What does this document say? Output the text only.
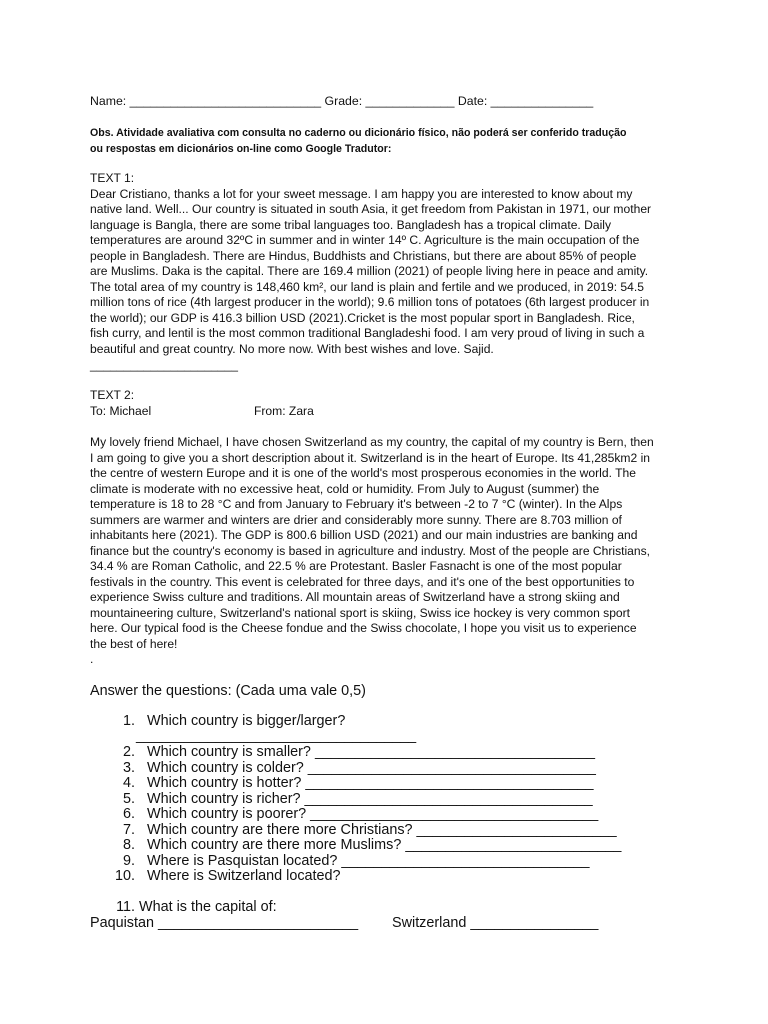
Name: ____________________________ Grade: _____________ Date: _______________
Obs. Atividade avaliativa com consulta no caderno ou dicionário físico, não poderá ser conferido tradução
ou respostas em dicionários on-line como Google Tradutor:
TEXT 1:
Dear Cristiano, thanks a lot for your sweet message. I am happy you are interested to know about my
native land. Well... Our country is situated in south Asia, it get freedom from Pakistan in 1971, our mother
language is Bangla, there are some tribal languages too. Bangladesh has a tropical climate. Daily
temperatures are around 32ºC in summer and in winter 14º C. Agriculture is the main occupation of the
people in Bangladesh. There are Hindus, Buddhists and Christians, but there are about 85% of people
are Muslims. Daka is the capital. There are 169.4 million (2021) of people living here in peace and amity.
The total area of my country is 148,460 km², our land is plain and fertile and we produced, in 2019: 54.5
million tons of rice (4th largest producer in the world); 9.6 million tons of potatoes (6th largest producer in
the world); our GDP is 416.3 billion USD (2021).Cricket is the most popular sport in Bangladesh. Rice,
fish curry, and lentil is the most common traditional Bangladeshi food. I am very proud of living in such a
beautiful and great country. No more now. With best wishes and love. Sajid.
______________________
TEXT 2:
To: Michael	From: Zara
My lovely friend Michael, I have chosen Switzerland as my country, the capital of my country is Bern, then
I am going to give you a short description about it. Switzerland is in the heart of Europe. Its 41,285km2 in
the centre of western Europe and it is one of the world's most prosperous economies in the world. The
climate is moderate with no excessive heat, cold or humidity. From July to August (summer) the
temperature is 18 to 28 °C and from January to February it's between -2 to 7 °C (winter). In the Alps
summers are warmer and winters are drier and considerably more sunny. There are 8.703 million of
inhabitants here (2021). The GDP is 800.6 billion USD (2021) and our main industries are banking and
finance but the country's economy is based in agriculture and industry. Most of the people are Christians,
34.4 % are Roman Catholic, and 22.5 % are Protestant. Basler Fasnacht is one of the most popular
festivals in the country. This event is celebrated for three days, and it's one of the best opportunities to
experience Swiss culture and traditions. All mountain areas of Switzerland have a strong skiing and
mountaineering culture, Switzerland's national sport is skiing, Swiss ice hockey is very common sport
here. Our typical food is the Cheese fondue and the Swiss chocolate, I hope you visit us to experience
the best of here!
.
Answer the questions: (Cada uma vale 0,5)
1. Which country is bigger/larger?
___________________________________
2. Which country is smaller? ___________________________________
3. Which country is colder? ____________________________________
4. Which country is hotter? ____________________________________
5. Which country is richer? ____________________________________
6. Which country is poorer? ____________________________________
7. Which country are there more Christians? _________________________
8. Which country are there more Muslims? ___________________________
9. Where is Pasquistan located? _______________________________
10. Where is Switzerland located?
11. What is the capital of:
Paquistan _________________________ Switzerland ________________
